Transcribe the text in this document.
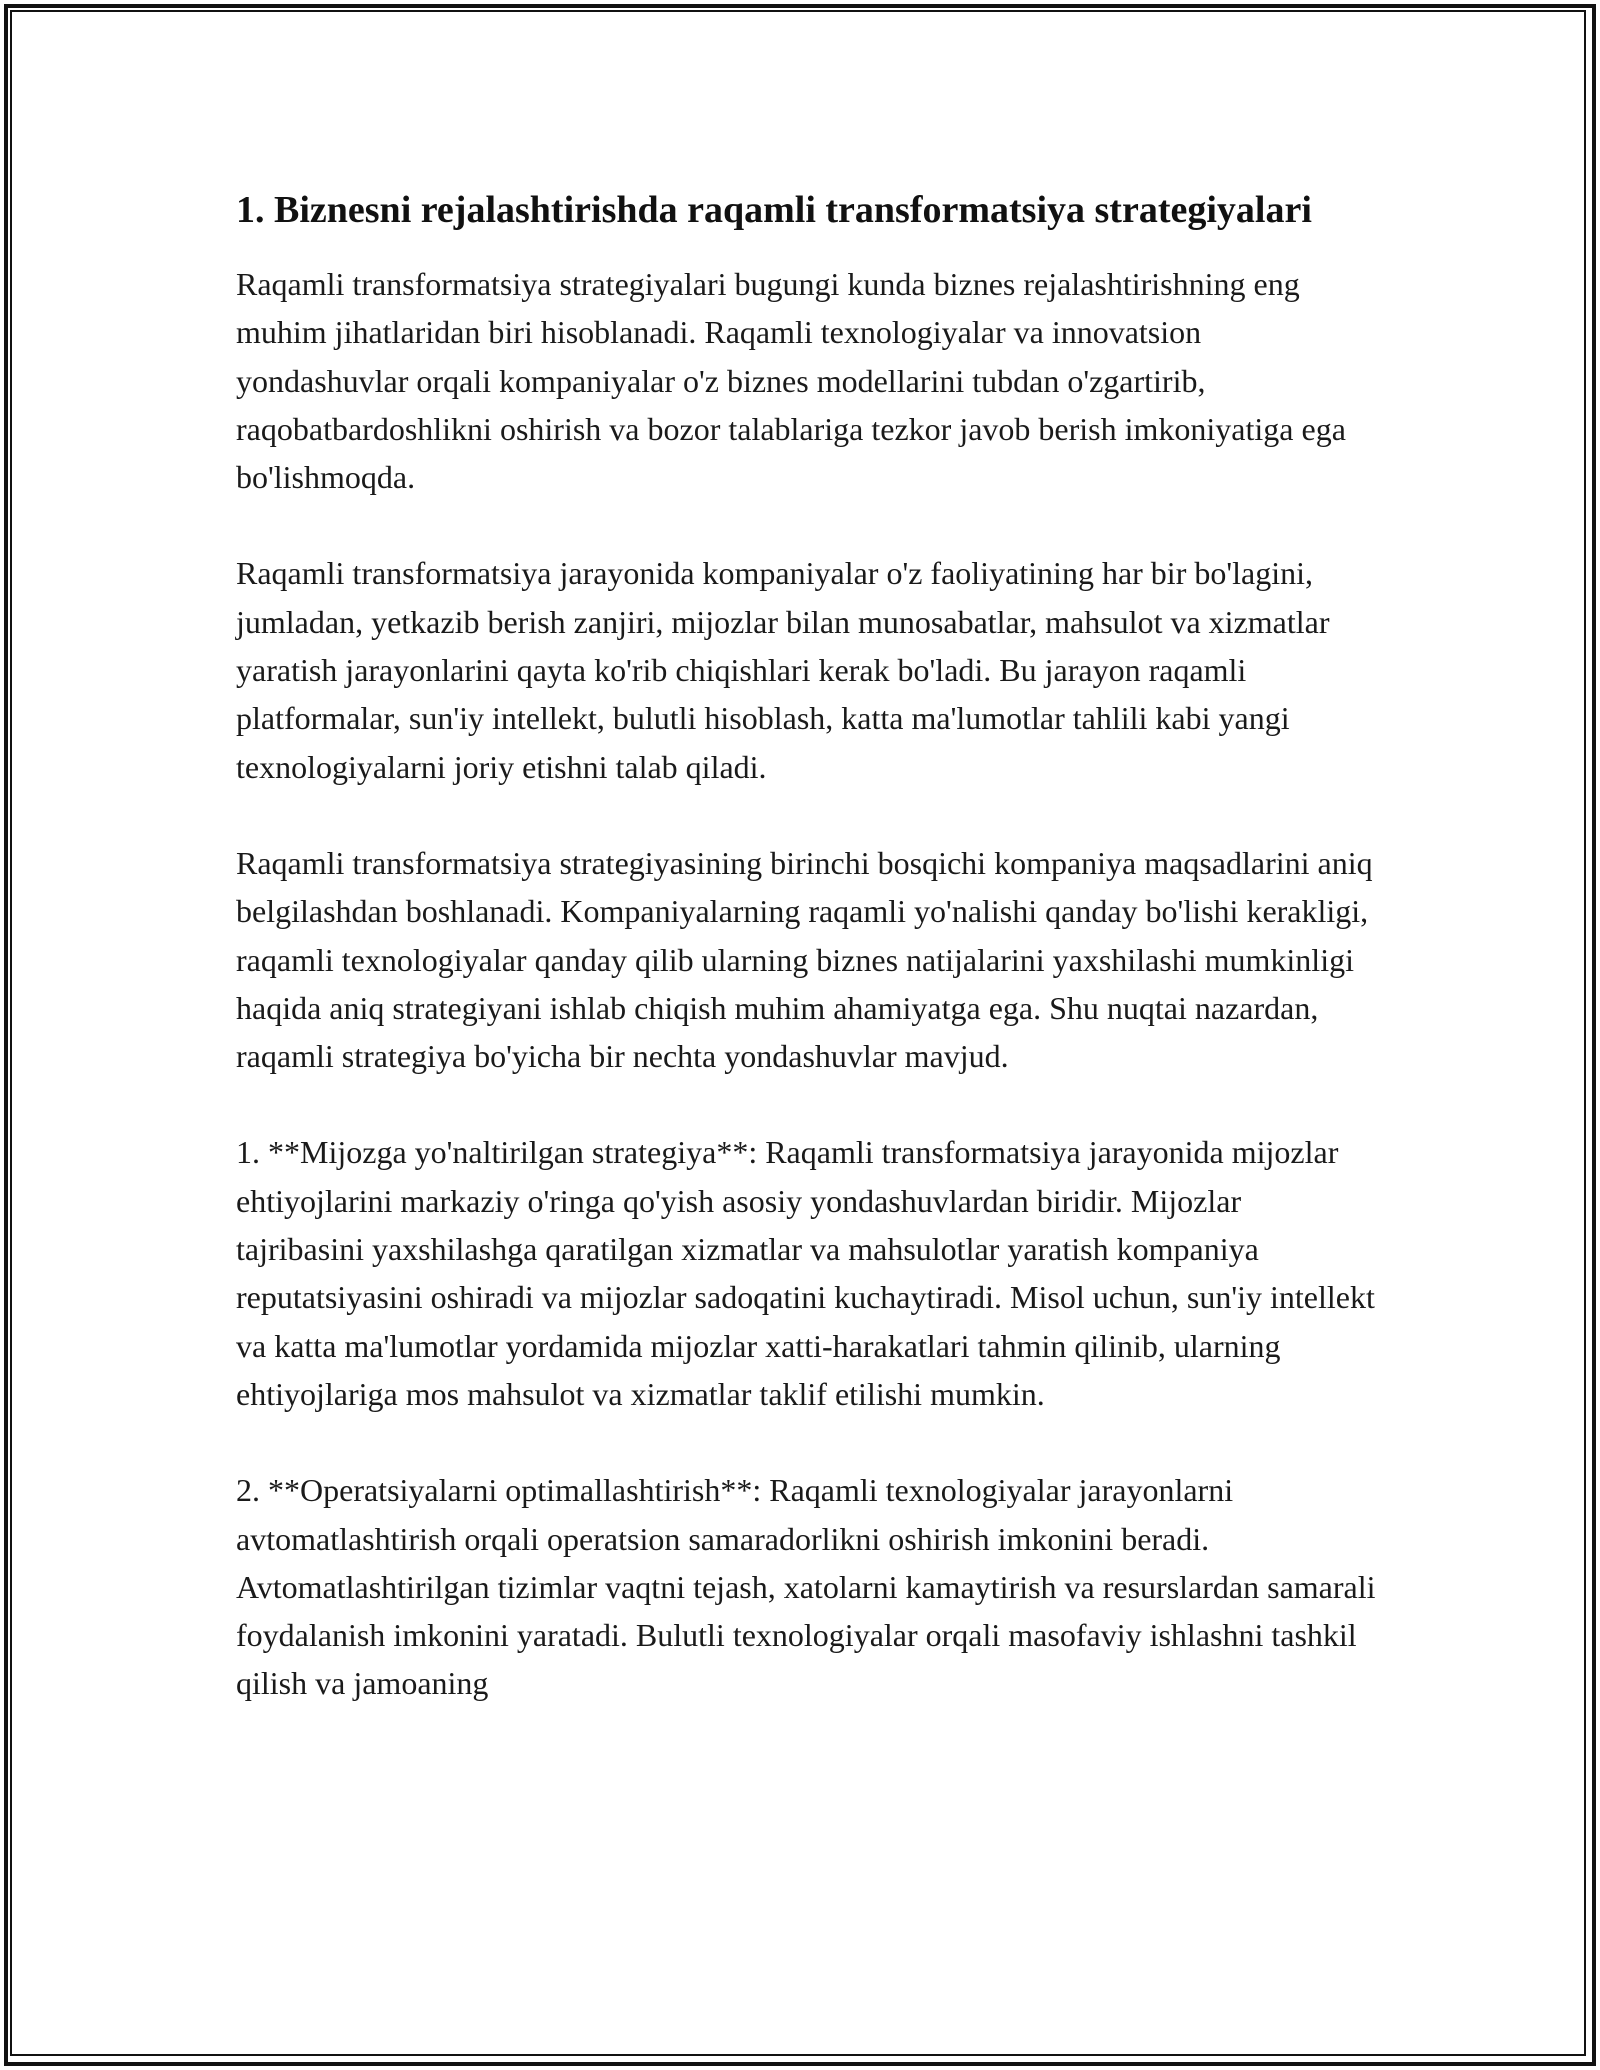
1. Biznesni rejalashtirishda raqamli transformatsiya strategiyalari

Raqamli transformatsiya strategiyalari bugungi kunda biznes rejalashtirishning eng muhim jihatlaridan biri hisoblanadi. Raqamli texnologiyalar va innovatsion yondashuvlar orqali kompaniyalar o'z biznes modellarini tubdan o'zgartirib, raqobatbardoshlikni oshirish va bozor talablariga tezkor javob berish imkoniyatiga ega bo'lishmoqda.

Raqamli transformatsiya jarayonida kompaniyalar o'z faoliyatining har bir bo'lagini, jumladan, yetkazib berish zanjiri, mijozlar bilan munosabatlar, mahsulot va xizmatlar yaratish jarayonlarini qayta ko'rib chiqishlari kerak bo'ladi. Bu jarayon raqamli platformalar, sun'iy intellekt, bulutli hisoblash, katta ma'lumotlar tahlili kabi yangi texnologiyalarni joriy etishni talab qiladi.

Raqamli transformatsiya strategiyasining birinchi bosqichi kompaniya maqsadlarini aniq belgilashdan boshlanadi. Kompaniyalarning raqamli yo'nalishi qanday bo'lishi kerakligi, raqamli texnologiyalar qanday qilib ularning biznes natijalarini yaxshilashi mumkinligi haqida aniq strategiyani ishlab chiqish muhim ahamiyatga ega. Shu nuqtai nazardan, raqamli strategiya bo'yicha bir nechta yondashuvlar mavjud.

1. **Mijozga yo'naltirilgan strategiya**: Raqamli transformatsiya jarayonida mijozlar ehtiyojlarini markaziy o'ringa qo'yish asosiy yondashuvlardan biridir. Mijozlar tajribasini yaxshilashga qaratilgan xizmatlar va mahsulotlar yaratish kompaniya reputatsiyasini oshiradi va mijozlar sadoqatini kuchaytiradi. Misol uchun, sun'iy intellekt va katta ma'lumotlar yordamida mijozlar xatti-harakatlari tahmin qilinib, ularning ehtiyojlariga mos mahsulot va xizmatlar taklif etilishi mumkin.

2. **Operatsiyalarni optimallashtirish**: Raqamli texnologiyalar jarayonlarni avtomatlashtirish orqali operatsion samaradorlikni oshirish imkonini beradi. Avtomatlashtirilgan tizimlar vaqtni tejash, xatolarni kamaytirish va resurslardan samarali foydalanish imkonini yaratadi. Bulutli texnologiyalar orqali masofaviy ishlashni tashkil qilish va jamoaning
